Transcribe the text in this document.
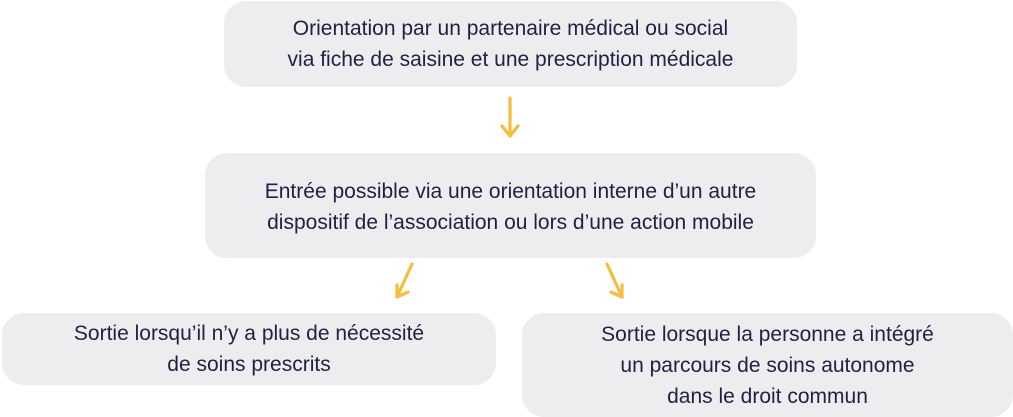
Orientation par un partenaire médical ou social
via fiche de saisine et une prescription médicale
Entrée possible via une orientation interne d’un autre
dispositif de l’association ou lors d’une action mobile
Sortie lorsqu’il n’y a plus de nécessité
de soins prescrits
Sortie lorsque la personne a intégré
un parcours de soins autonome
dans le droit commun
